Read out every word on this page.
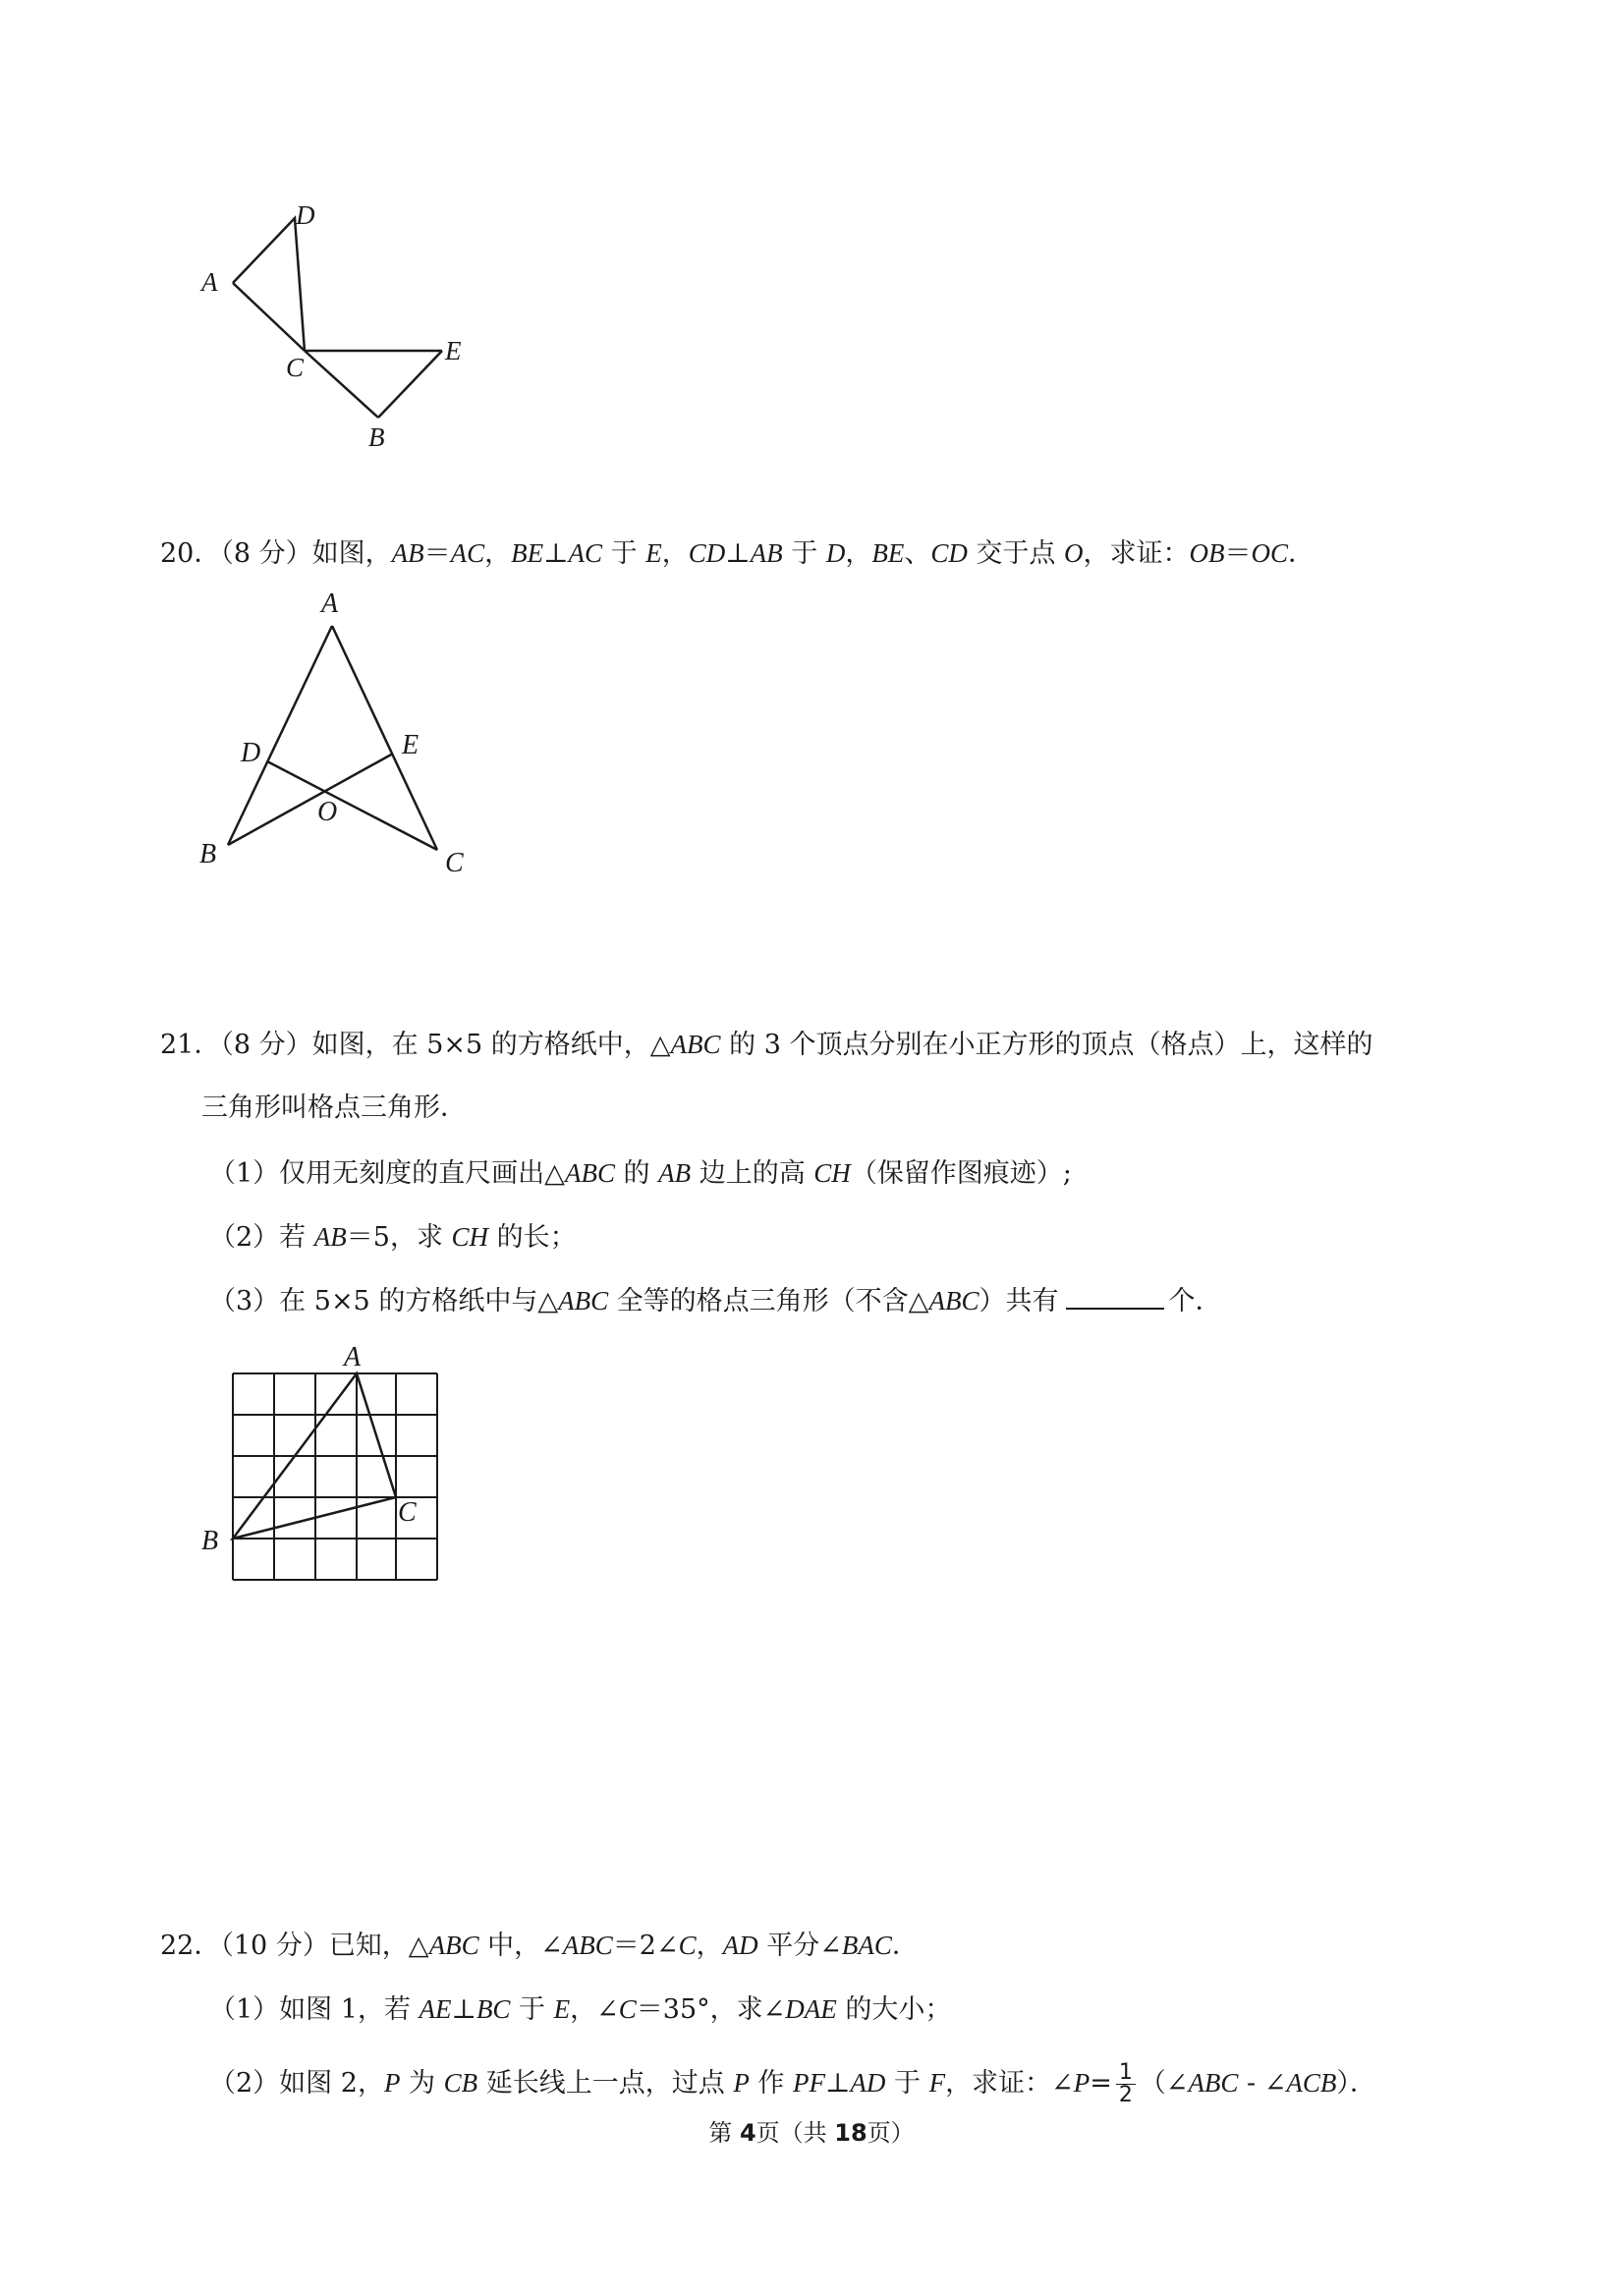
D
A
C
E
B
20．（8 分）如图，AB＝AC，BE⊥AC 于 E，CD⊥AB 于 D，BE、CD 交于点 O，求证：OB＝OC．
A
D	E
O
B	C
21．（8 分）如图，在 5×5 的方格纸中，△ABC 的 3 个顶点分别在小正方形的顶点（格点）上，这样的
三角形叫格点三角形．
（1）仅用无刻度的直尺画出△ABC 的 AB 边上的高 CH（保留作图痕迹）;
（2）若 AB＝5，求 CH 的长；
（3）在 5×5 的方格纸中与△ABC 全等的格点三角形（不含△ABC）共有	个．
A
B
C
22．（10 分）已知，△ABC 中，∠ABC＝2∠C，AD 平分∠BAC．
（1）如图 1，若 AE⊥BC 于 E，∠C＝35°，求∠DAE 的大小；
（2）如图 2，P 为 CB 延长线上一点，过点 P 作 PF⊥AD 于 F，求证：∠P= $\frac{1}{2}$ （∠ABC - ∠ACB）．
第 4页（共 18页）
